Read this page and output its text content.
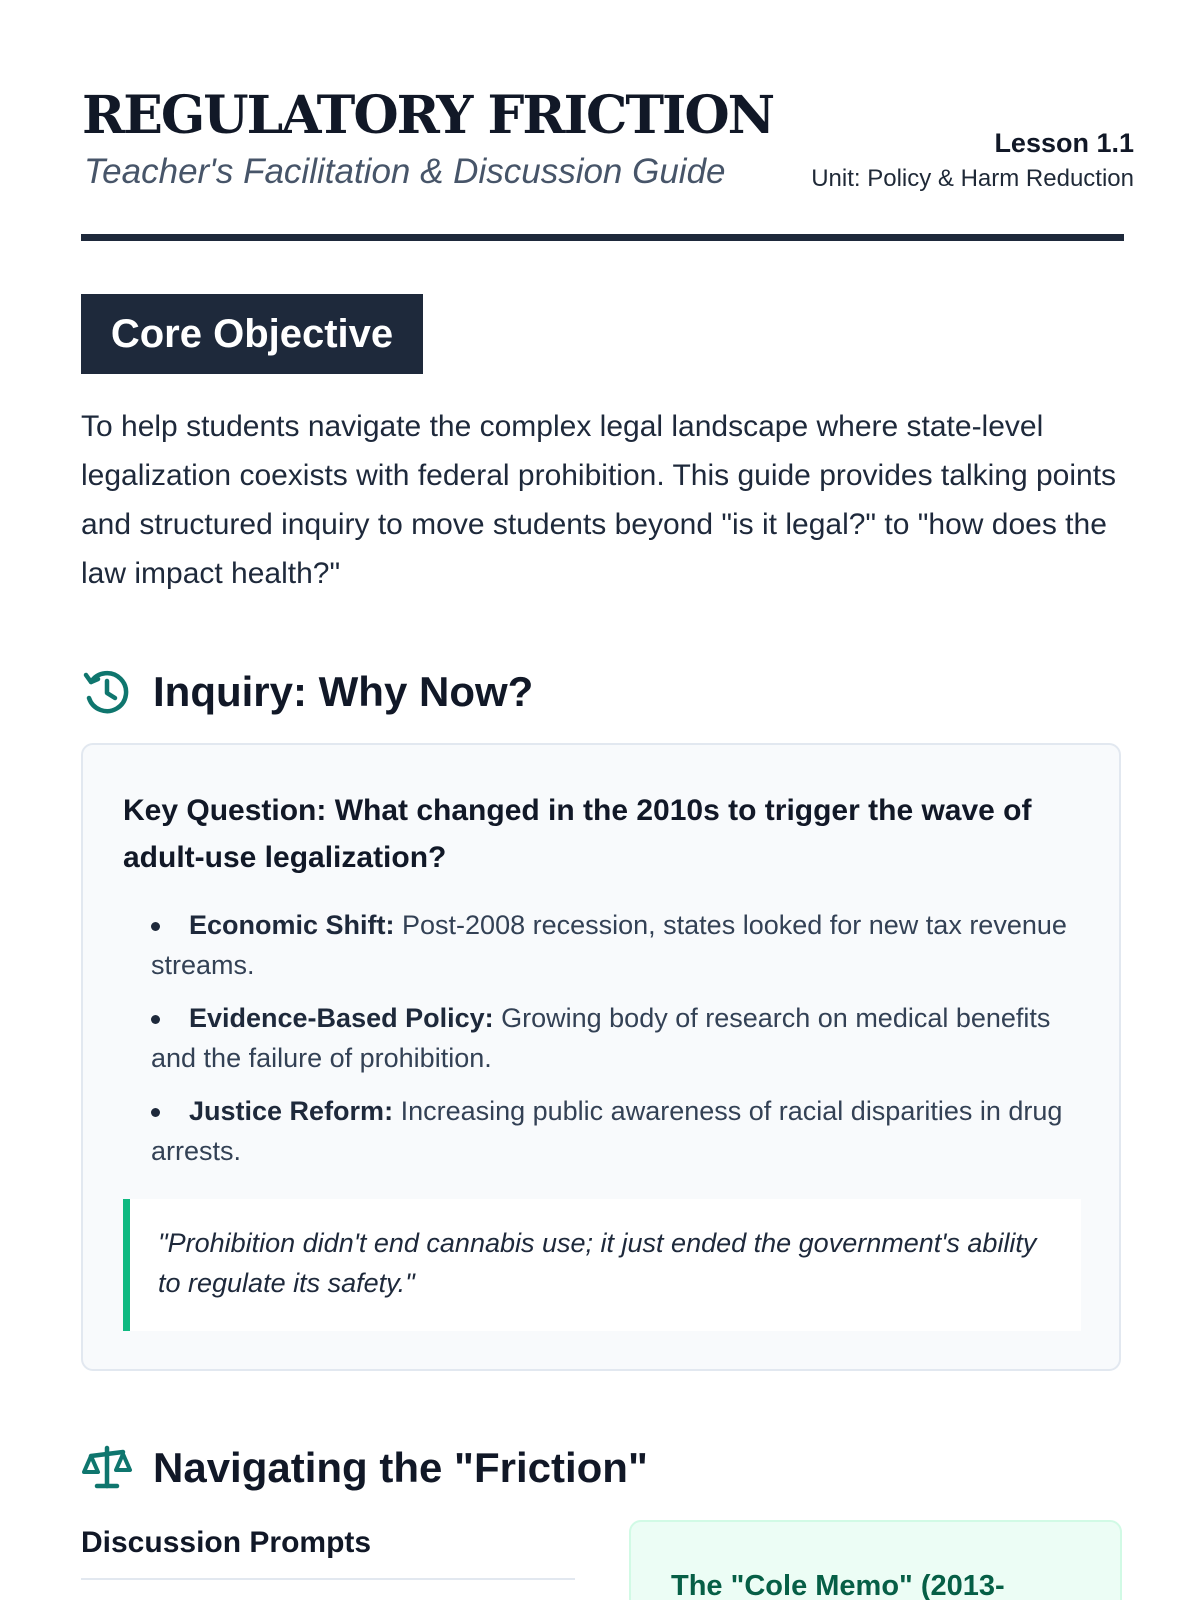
REGULATORY FRICTION

Teacher's Facilitation & Discussion Guide

Lesson 1.1
Unit: Policy & Harm Reduction
Core Objective

To help students navigate the complex legal landscape where state-level legalization coexists with federal prohibition. This guide provides talking points and structured inquiry to move students beyond "is it legal?" to "how does the law impact health?"

Inquiry: Why Now?

Key Question: What changed in the 2010s to trigger the wave of adult-use legalization?

Economic Shift: Post-2008 recession, states looked for new tax revenue streams.
Evidence-Based Policy: Growing body of research on medical benefits and the failure of prohibition.
Justice Reform: Increasing public awareness of racial disparities in drug arrests.

"Prohibition didn't end cannabis use; it just ended the government's ability to regulate its safety."

Navigating the "Friction"
Discussion Prompts
The "Cole Memo" (2013-
